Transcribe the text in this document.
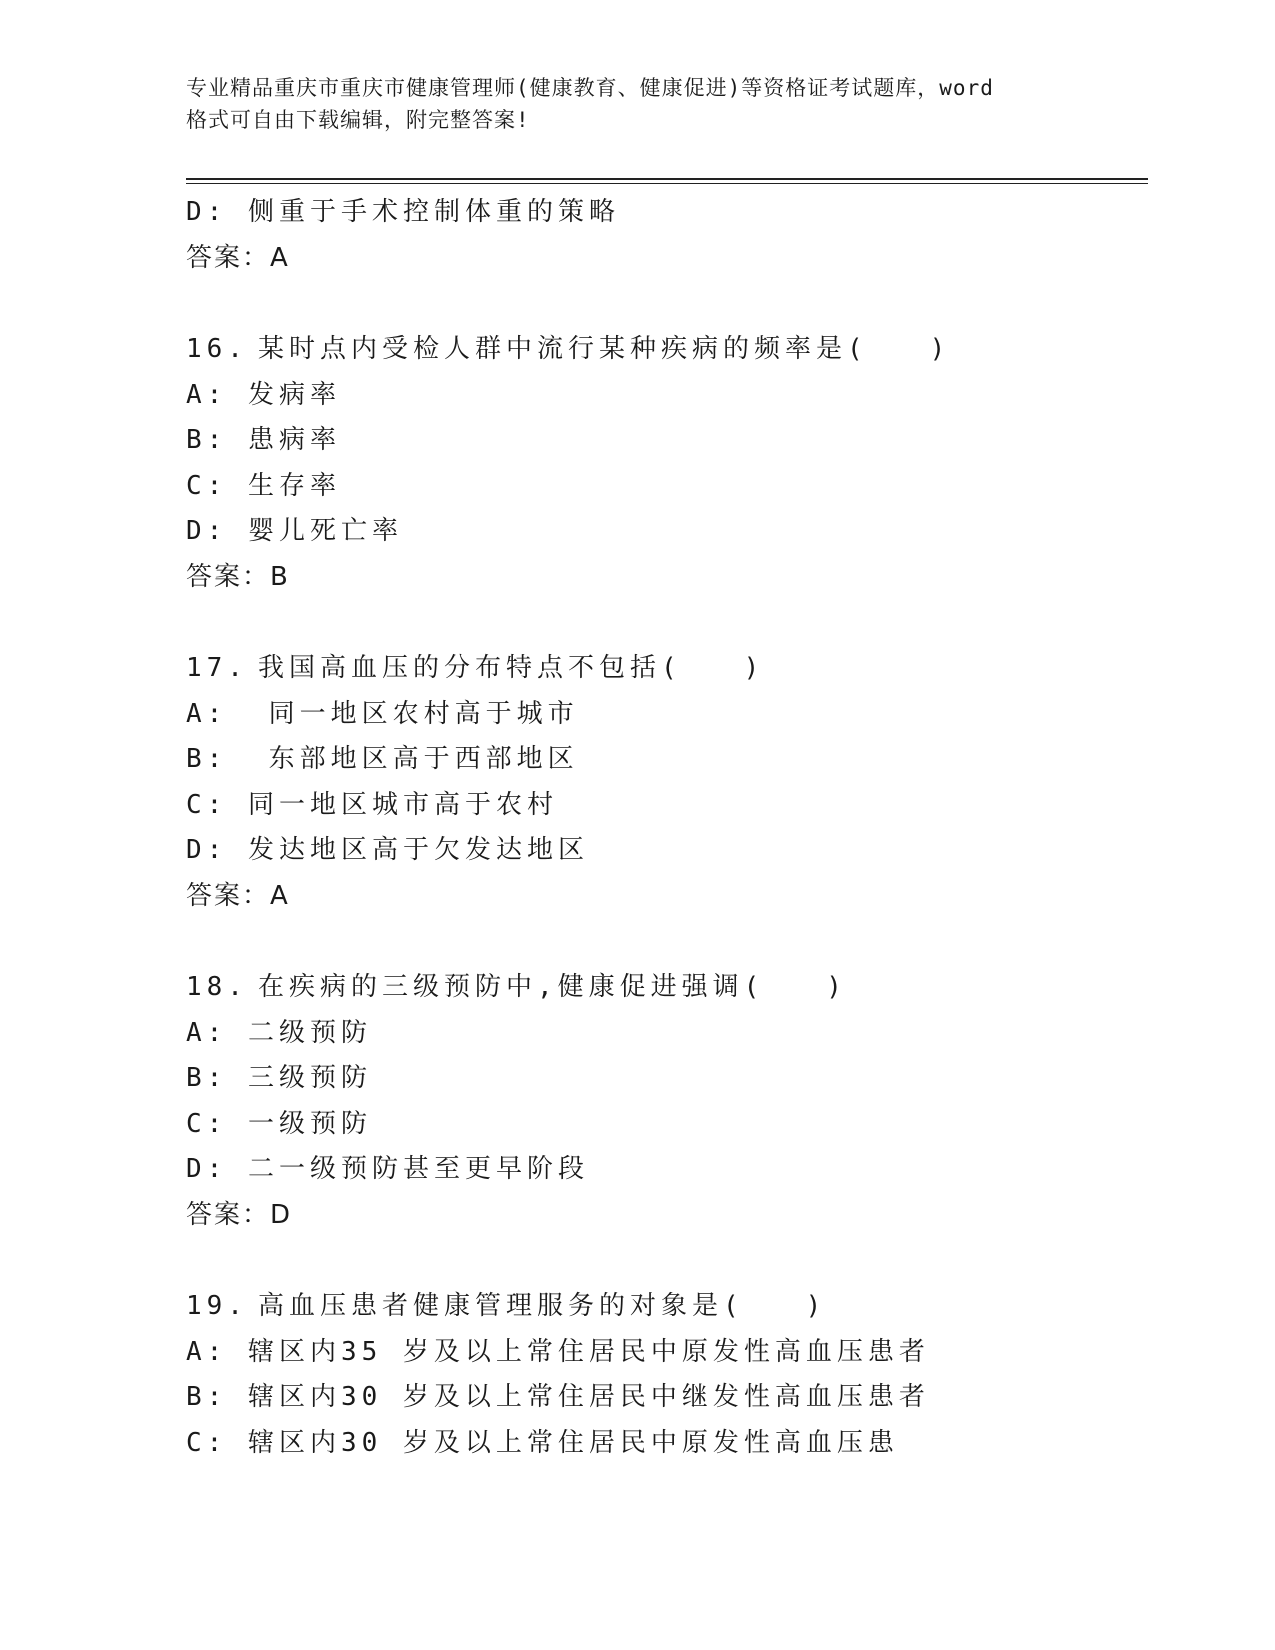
专业精品重庆市重庆市健康管理师(健康教育、健康促进)等资格证考试题库，word
格式可自由下载编辑，附完整答案!
D: 侧重于手术控制体重的策略
答案：A
16. 某时点内受检人群中流行某种疾病的频率是(　　)
A: 发病率
B: 患病率
C: 生存率
D: 婴儿死亡率
答案：B
17. 我国高血压的分布特点不包括(　　)
A:  同一地区农村高于城市
B:  东部地区高于西部地区
C: 同一地区城市高于农村
D: 发达地区高于欠发达地区
答案：A
18. 在疾病的三级预防中,健康促进强调(　　)
A: 二级预防
B: 三级预防
C: 一级预防
D: 二一级预防甚至更早阶段
答案：D
19. 高血压患者健康管理服务的对象是(　　)
A: 辖区内35 岁及以上常住居民中原发性高血压患者
B: 辖区内30 岁及以上常住居民中继发性高血压患者
C: 辖区内30 岁及以上常住居民中原发性高血压患
